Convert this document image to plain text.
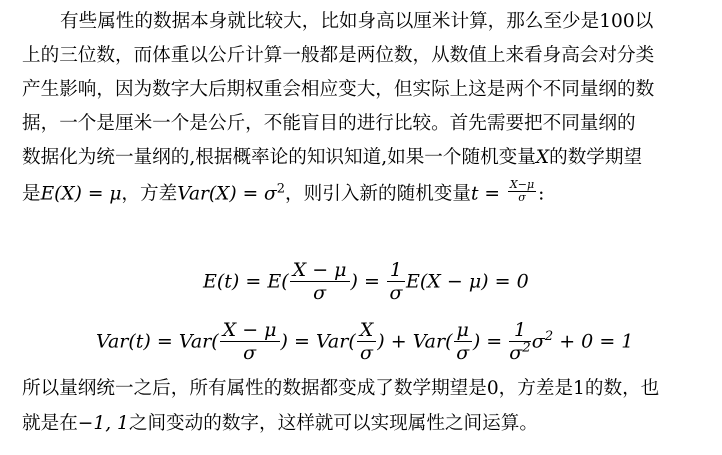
有些属性的数据本身就比较大，比如身高以厘米计算，那么至少是100以
上的三位数，而体重以公斤计算一般都是两位数，从数值上来看身高会对分类
产生影响，因为数字大后期权重会相应变大，但实际上这是两个不同量纲的数
据，一个是厘米一个是公斤，不能盲目的进行比较。首先需要把不同量纲的
数据化为统一量纲的,根据概率论的知识知道,如果一个随机变量X的数学期望
是E(X) = μ，方差$Var(X) = \sigma^2$，则引入新的随机变量$t = \frac{X-\mu}{\sigma}$ :
$E(t) = E( \frac{X - \mu}{\sigma}$ ) = $\frac{1}{\sigma} E(X - \mu) = 0$
$Var(t) = Var( \frac{X - \mu}{\sigma}$ ) = $Var( \frac{X}{\sigma}$ ) + $Var( \frac{\mu}{\sigma}$ ) = $\frac{1}{\sigma^2} \sigma^2 + 0 = 1$
所以量纲统一之后，所有属性的数据都变成了数学期望是0，方差是1的数，也
就是在−1, 1之间变动的数字，这样就可以实现属性之间运算。
